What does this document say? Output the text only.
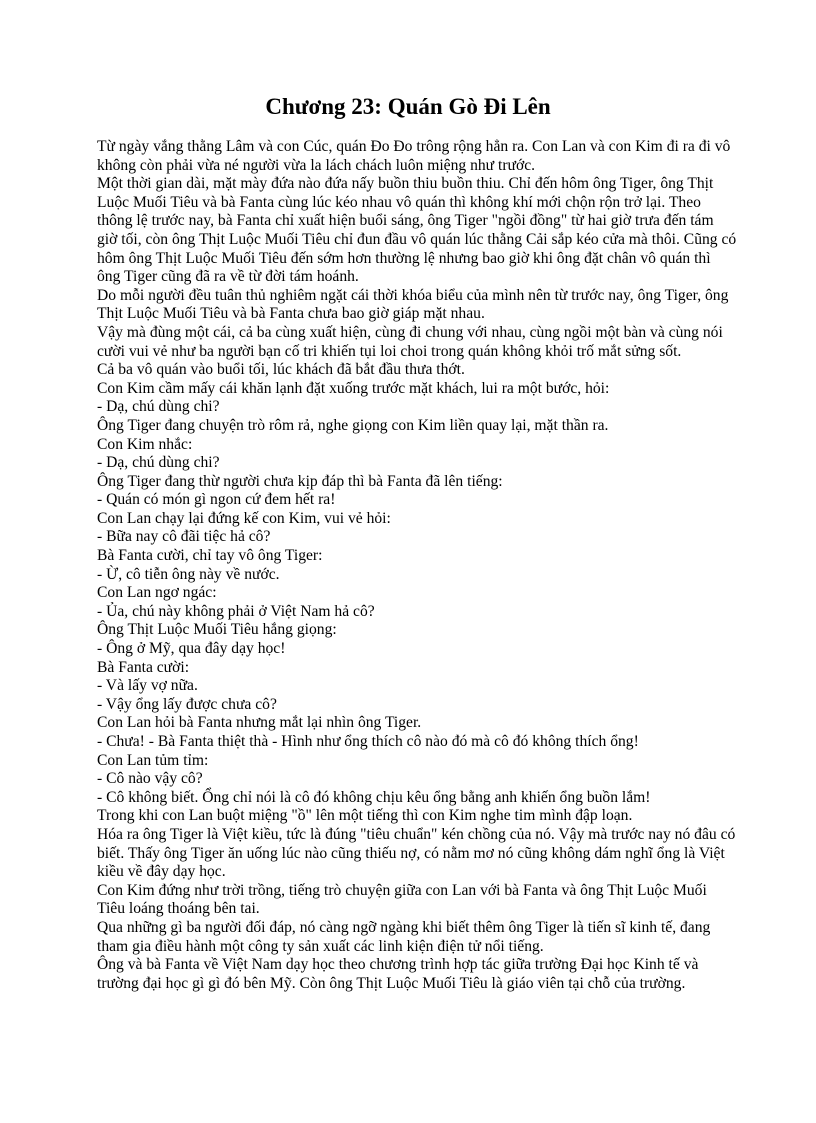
Chương 23: Quán Gò Đi Lên

Từ ngày vắng thằng Lâm và con Cúc, quán Đo Đo trông rộng hẳn ra. Con Lan và con Kim đi ra đi vô không còn phải vừa né người vừa la lách chách luôn miệng như trước.

Một thời gian dài, mặt mày đứa nào đứa nấy buồn thiu buồn thiu. Chỉ đến hôm ông Tiger, ông Thịt Luộc Muối Tiêu và bà Fanta cùng lúc kéo nhau vô quán thì không khí mới chộn rộn trở lại. Theo thông lệ trước nay, bà Fanta chỉ xuất hiện buổi sáng, ông Tiger "ngồi đồng" từ hai giờ trưa đến tám giờ tối, còn ông Thịt Luộc Muối Tiêu chỉ đun đầu vô quán lúc thằng Cải sắp kéo cửa mà thôi. Cũng có hôm ông Thịt Luộc Muối Tiêu đến sớm hơn thường lệ nhưng bao giờ khi ông đặt chân vô quán thì ông Tiger cũng đã ra về từ đời tám hoánh.

Do mỗi người đều tuân thủ nghiêm ngặt cái thời khóa biểu của mình nên từ trước nay, ông Tiger, ông Thịt Luộc Muối Tiêu và bà Fanta chưa bao giờ giáp mặt nhau.

Vậy mà đùng một cái, cả ba cùng xuất hiện, cùng đi chung với nhau, cùng ngồi một bàn và cùng nói cười vui vẻ như ba người bạn cố tri khiến tụi loi choi trong quán không khỏi trố mắt sửng sốt.

Cả ba vô quán vào buổi tối, lúc khách đã bắt đầu thưa thớt.

Con Kim cầm mấy cái khăn lạnh đặt xuống trước mặt khách, lui ra một bước, hỏi:

- Dạ, chú dùng chi?

Ông Tiger đang chuyện trò rôm rả, nghe giọng con Kim liền quay lại, mặt thần ra.

Con Kim nhắc:

- Dạ, chú dùng chi?

Ông Tiger đang thừ người chưa kịp đáp thì bà Fanta đã lên tiếng:

- Quán có món gì ngon cứ đem hết ra!

Con Lan chạy lại đứng kế con Kim, vui vẻ hỏi:

- Bữa nay cô đãi tiệc hả cô?

Bà Fanta cười, chỉ tay vô ông Tiger:

- Ừ, cô tiễn ông này về nước.

Con Lan ngơ ngác:

- Ủa, chú này không phải ở Việt Nam hả cô?

Ông Thịt Luộc Muối Tiêu hắng giọng:

- Ông ở Mỹ, qua đây dạy học!

Bà Fanta cười:

- Và lấy vợ nữa.

- Vậy ổng lấy được chưa cô?

Con Lan hỏi bà Fanta nhưng mắt lại nhìn ông Tiger.

- Chưa! - Bà Fanta thiệt thà - Hình như ổng thích cô nào đó mà cô đó không thích ổng!

Con Lan tủm tỉm:

- Cô nào vậy cô?

- Cô không biết. Ổng chỉ nói là cô đó không chịu kêu ổng bằng anh khiến ổng buồn lắm!

Trong khi con Lan buột miệng "ồ" lên một tiếng thì con Kim nghe tim mình đập loạn.

Hóa ra ông Tiger là Việt kiều, tức là đúng "tiêu chuẩn" kén chồng của nó. Vậy mà trước nay nó đâu có biết. Thấy ông Tiger ăn uống lúc nào cũng thiếu nợ, có nằm mơ nó cũng không dám nghĩ ổng là Việt kiều về đây dạy học.

Con Kim đứng như trời trồng, tiếng trò chuyện giữa con Lan với bà Fanta và ông Thịt Luộc Muối Tiêu loáng thoáng bên tai.

Qua những gì ba người đối đáp, nó càng ngỡ ngàng khi biết thêm ông Tiger là tiến sĩ kinh tế, đang tham gia điều hành một công ty sản xuất các linh kiện điện tử nổi tiếng.

Ông và bà Fanta về Việt Nam dạy học theo chương trình hợp tác giữa trường Đại học Kinh tế và trường đại học gì gì đó bên Mỹ. Còn ông Thịt Luộc Muối Tiêu là giáo viên tại chỗ của trường.
